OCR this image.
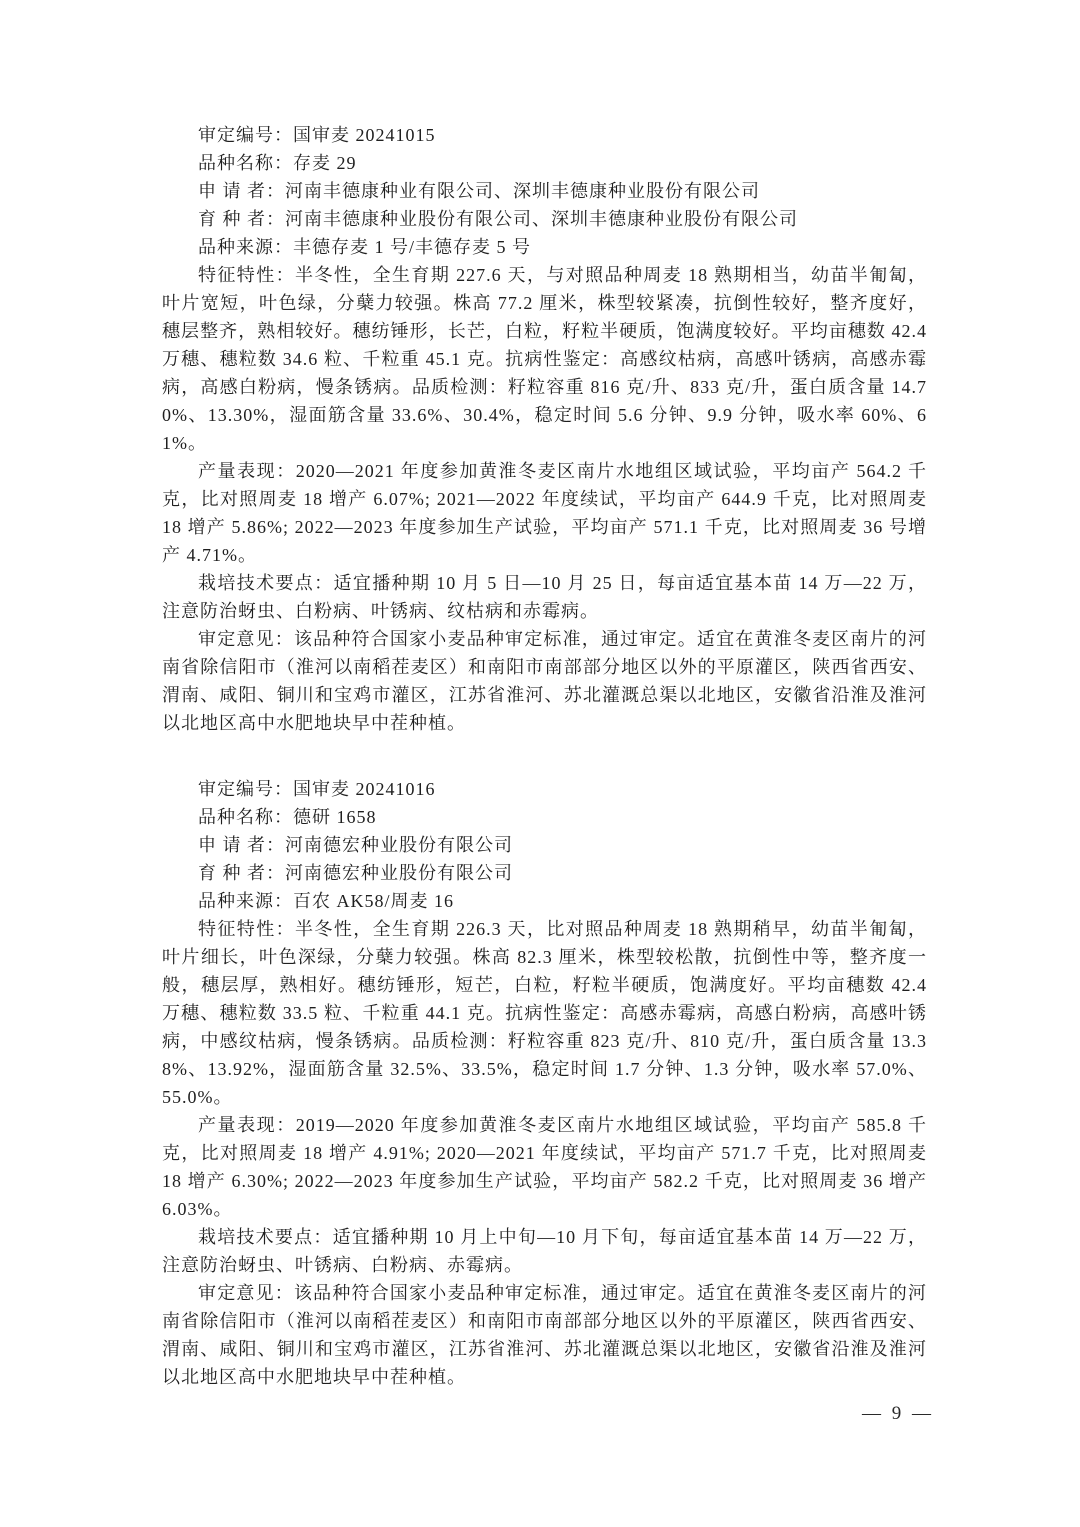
审定编号：国审麦 20241015

品种名称：存麦 29

申 请 者：河南丰德康种业有限公司、深圳丰德康种业股份有限公司

育 种 者：河南丰德康种业股份有限公司、深圳丰德康种业股份有限公司

品种来源：丰德存麦 1 号/丰德存麦 5 号

特征特性：半冬性，全生育期 227.6 天，与对照品种周麦 18 熟期相当，幼苗半匍匐，叶片宽短，叶色绿，分蘖力较强。株高 77.2 厘米，株型较紧凑，抗倒性较好，整齐度好，穗层整齐，熟相较好。穗纺锤形，长芒，白粒，籽粒半硬质，饱满度较好。平均亩穗数 42.4 万穗、穗粒数 34.6 粒、千粒重 45.1 克。抗病性鉴定：高感纹枯病，高感叶锈病，高感赤霉病，高感白粉病，慢条锈病。品质检测：籽粒容重 816 克/升、833 克/升，蛋白质含量 14.70%、13.30%，湿面筋含量 33.6%、30.4%，稳定时间 5.6 分钟、9.9 分钟，吸水率 60%、61%。

产量表现：2020—2021 年度参加黄淮冬麦区南片水地组区域试验，平均亩产 564.2 千克，比对照周麦 18 增产 6.07%; 2021—2022 年度续试，平均亩产 644.9 千克，比对照周麦 18 增产 5.86%; 2022—2023 年度参加生产试验，平均亩产 571.1 千克，比对照周麦 36 号增产 4.71%。

栽培技术要点：适宜播种期 10 月 5 日—10 月 25 日，每亩适宜基本苗 14 万—22 万，注意防治蚜虫、白粉病、叶锈病、纹枯病和赤霉病。

审定意见：该品种符合国家小麦品种审定标准，通过审定。适宜在黄淮冬麦区南片的河南省除信阳市（淮河以南稻茬麦区）和南阳市南部部分地区以外的平原灌区，陕西省西安、渭南、咸阳、铜川和宝鸡市灌区，江苏省淮河、苏北灌溉总渠以北地区，安徽省沿淮及淮河以北地区高中水肥地块早中茬种植。

审定编号：国审麦 20241016

品种名称：德研 1658

申 请 者：河南德宏种业股份有限公司

育 种 者：河南德宏种业股份有限公司

品种来源：百农 AK58/周麦 16

特征特性：半冬性，全生育期 226.3 天，比对照品种周麦 18 熟期稍早，幼苗半匍匐，叶片细长，叶色深绿，分蘖力较强。株高 82.3 厘米，株型较松散，抗倒性中等，整齐度一般，穗层厚，熟相好。穗纺锤形，短芒，白粒，籽粒半硬质，饱满度好。平均亩穗数 42.4 万穗、穗粒数 33.5 粒、千粒重 44.1 克。抗病性鉴定：高感赤霉病，高感白粉病，高感叶锈病，中感纹枯病，慢条锈病。品质检测：籽粒容重 823 克/升、810 克/升，蛋白质含量 13.38%、13.92%，湿面筋含量 32.5%、33.5%，稳定时间 1.7 分钟、1.3 分钟，吸水率 57.0%、55.0%。

产量表现：2019—2020 年度参加黄淮冬麦区南片水地组区域试验，平均亩产 585.8 千克，比对照周麦 18 增产 4.91%; 2020—2021 年度续试，平均亩产 571.7 千克，比对照周麦 18 增产 6.30%; 2022—2023 年度参加生产试验，平均亩产 582.2 千克，比对照周麦 36 增产 6.03%。

栽培技术要点：适宜播种期 10 月上中旬—10 月下旬，每亩适宜基本苗 14 万—22 万，注意防治蚜虫、叶锈病、白粉病、赤霉病。

审定意见：该品种符合国家小麦品种审定标准，通过审定。适宜在黄淮冬麦区南片的河南省除信阳市（淮河以南稻茬麦区）和南阳市南部部分地区以外的平原灌区，陕西省西安、渭南、咸阳、铜川和宝鸡市灌区，江苏省淮河、苏北灌溉总渠以北地区，安徽省沿淮及淮河以北地区高中水肥地块早中茬种植。

— 9 —
